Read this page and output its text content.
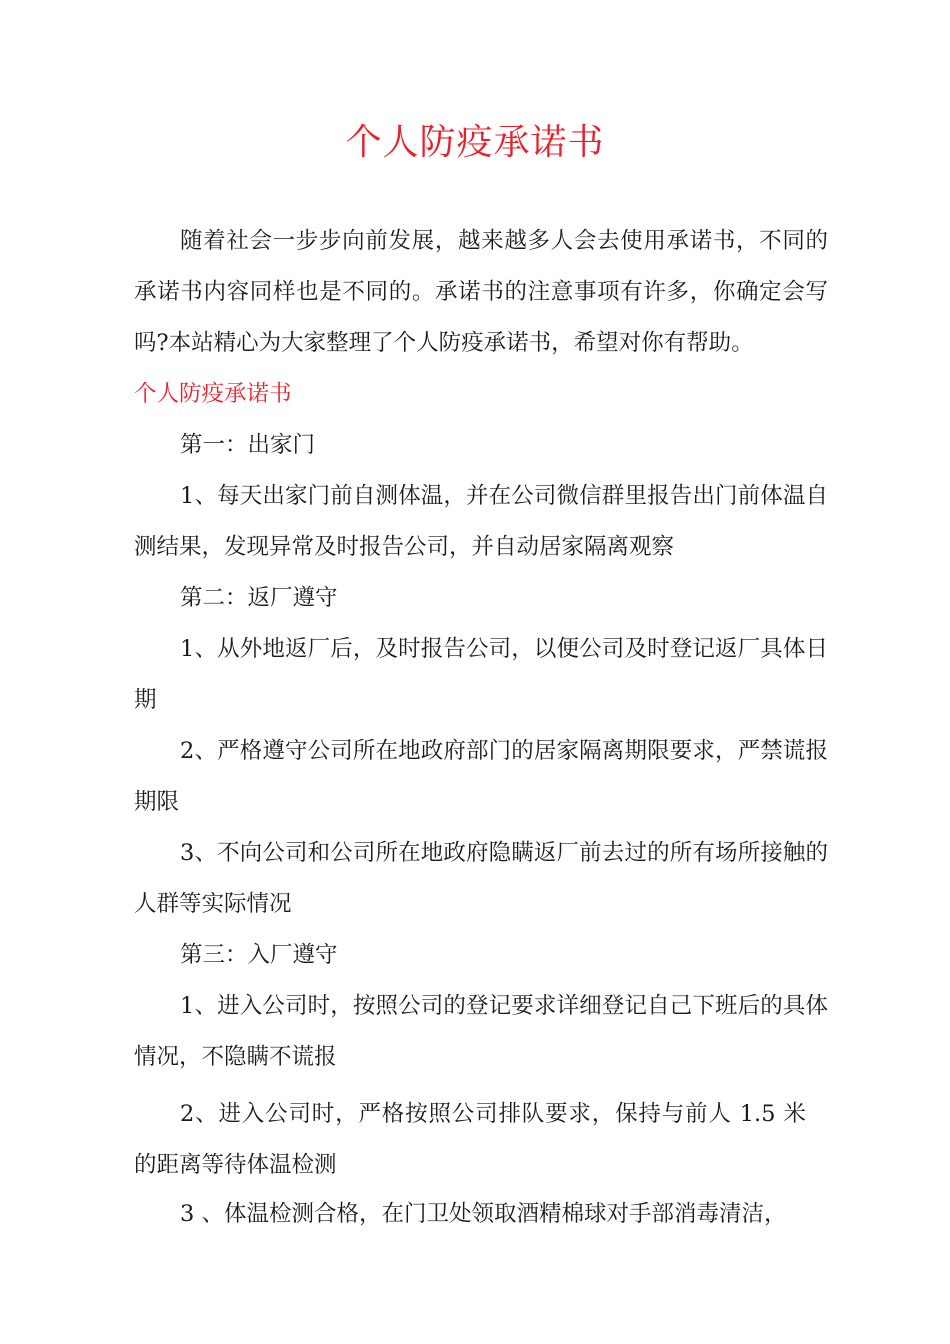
个人防疫承诺书

随着社会一步步向前发展，越来越多人会去使用承诺书，不同的承诺书内容同样也是不同的。承诺书的注意事项有许多，你确定会写吗?本站精心为大家整理了个人防疫承诺书，希望对你有帮助。

个人防疫承诺书

第一：出家门

1、每天出家门前自测体温，并在公司微信群里报告出门前体温自测结果，发现异常及时报告公司，并自动居家隔离观察

第二：返厂遵守

1、从外地返厂后，及时报告公司，以便公司及时登记返厂具体日期

2、严格遵守公司所在地政府部门的居家隔离期限要求，严禁谎报期限

3、不向公司和公司所在地政府隐瞒返厂前去过的所有场所接触的人群等实际情况

第三：入厂遵守

1、进入公司时，按照公司的登记要求详细登记自己下班后的具体情况，不隐瞒不谎报

2、进入公司时，严格按照公司排队要求，保持与前人 1.5 米的距离等待体温检测

3 、体温检测合格，在门卫处领取酒精棉球对手部消毒清洁，
